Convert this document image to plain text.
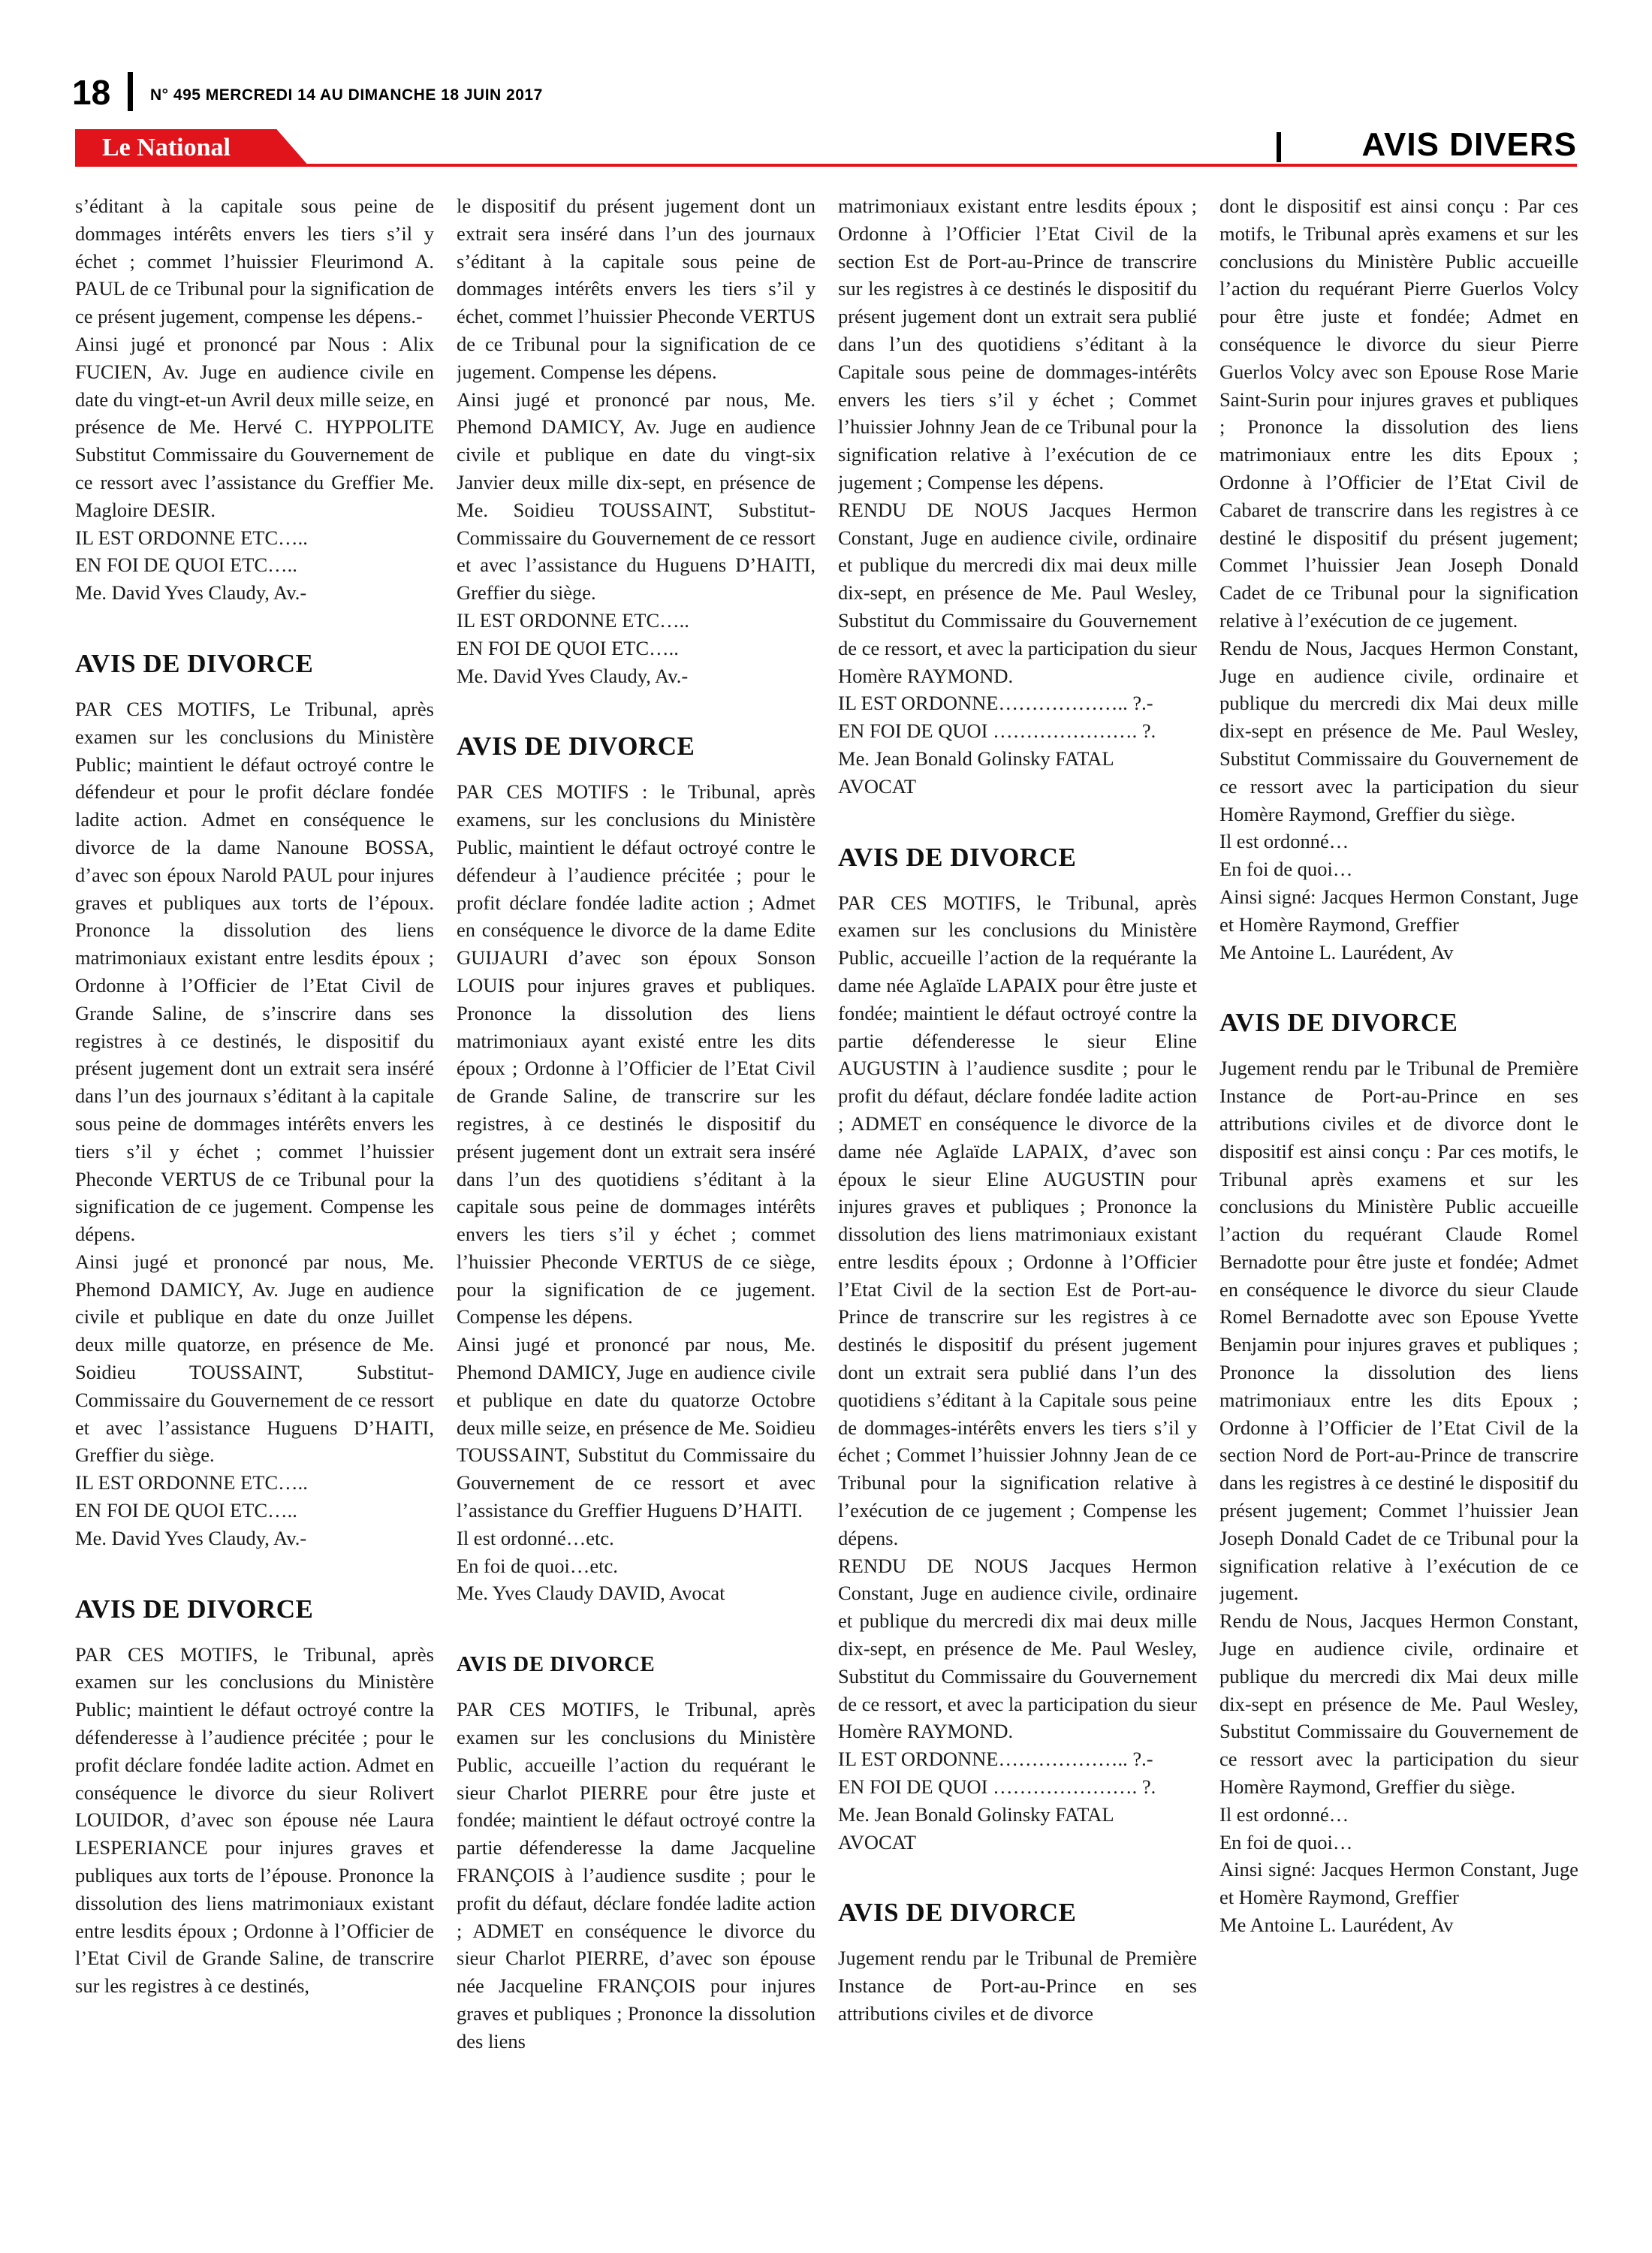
18	N° 495 MERCREDI 14 AU DIMANCHE 18 JUIN 2017
Le National	AVIS DIVERS

s’éditant à la capitale sous peine de dommages intérêts envers les tiers s’il y échet ; commet l’huissier Fleurimond A. PAUL de ce Tribunal pour la signification de ce présent jugement, compense les dépens.-

Ainsi jugé et prononcé par Nous : Alix FUCIEN, Av. Juge en audience civile en date du vingt-et-un Avril deux mille seize, en présence de Me. Hervé C. HYPPOLITE Substitut Commissaire du Gouvernement de ce ressort avec l’assistance du Greffier Me. Magloire DESIR.

IL EST ORDONNE ETC…..

EN FOI DE QUOI ETC…..

Me. David Yves Claudy, Av.-

AVIS DE DIVORCE

PAR CES MOTIFS, Le Tribunal, après examen sur les conclusions du Ministère Public; maintient le défaut octroyé contre le défendeur et pour le profit déclare fondée ladite action. Admet en conséquence le divorce de la dame Nanoune BOSSA, d’avec son époux Narold PAUL pour injures graves et publiques aux torts de l’époux. Prononce la dissolution des liens matrimoniaux existant entre lesdits époux ; Ordonne à l’Officier de l’Etat Civil de Grande Saline, de s’inscrire dans ses registres à ce destinés, le dispositif du présent jugement dont un extrait sera inséré dans l’un des journaux s’éditant à la capitale sous peine de dommages intérêts envers les tiers s’il y échet ; commet l’huissier Pheconde VERTUS de ce Tribunal pour la signification de ce jugement. Compense les dépens.

Ainsi jugé et prononcé par nous, Me. Phemond DAMICY, Av. Juge en audience civile et publique en date du onze Juillet deux mille quatorze, en présence de Me. Soidieu TOUSSAINT, Substitut-Commissaire du Gouvernement de ce ressort et avec l’assistance Huguens D’HAITI, Greffier du siège.

IL EST ORDONNE ETC…..

EN FOI DE QUOI ETC…..

Me. David Yves Claudy, Av.-

AVIS DE DIVORCE

PAR CES MOTIFS, le Tribunal, après examen sur les conclusions du Ministère Public; maintient le défaut octroyé contre la défenderesse à l’audience précitée ; pour le profit déclare fondée ladite action. Admet en conséquence le divorce du sieur Rolivert LOUIDOR, d’avec son épouse née Laura LESPERIANCE pour injures graves et publiques aux torts de l’épouse. Prononce la dissolution des liens matrimoniaux existant entre lesdits époux ; Ordonne à l’Officier de l’Etat Civil de Grande Saline, de transcrire sur les registres à ce destinés,

le dispositif du présent jugement dont un extrait sera inséré dans l’un des journaux s’éditant à la capitale sous peine de dommages intérêts envers les tiers s’il y échet, commet l’huissier Pheconde VERTUS de ce Tribunal pour la signification de ce jugement. Compense les dépens.

Ainsi jugé et prononcé par nous, Me. Phemond DAMICY, Av. Juge en audience civile et publique en date du vingt-six Janvier deux mille dix-sept, en présence de Me. Soidieu TOUSSAINT, Substitut-Commissaire du Gouvernement de ce ressort et avec l’assistance du Huguens D’HAITI, Greffier du siège.

IL EST ORDONNE ETC…..

EN FOI DE QUOI ETC…..

Me. David Yves Claudy, Av.-

AVIS DE DIVORCE

PAR CES MOTIFS : le Tribunal, après examens, sur les conclusions du Ministère Public, maintient le défaut octroyé contre le défendeur à l’audience précitée ; pour le profit déclare fondée ladite action ; Admet en conséquence le divorce de la dame Edite GUIJAURI d’avec son époux Sonson LOUIS pour injures graves et publiques. Prononce la dissolution des liens matrimoniaux ayant existé entre les dits époux ; Ordonne à l’Officier de l’Etat Civil de Grande Saline, de transcrire sur les registres, à ce destinés le dispositif du présent jugement dont un extrait sera inséré dans l’un des quotidiens s’éditant à la capitale sous peine de dommages intérêts envers les tiers s’il y échet ; commet l’huissier Pheconde VERTUS de ce siège, pour la signification de ce jugement. Compense les dépens.

Ainsi jugé et prononcé par nous, Me. Phemond DAMICY, Juge en audience civile et publique en date du quatorze Octobre deux mille seize, en présence de Me. Soidieu TOUSSAINT, Substitut du Commissaire du Gouvernement de ce ressort et avec l’assistance du Greffier Huguens D’HAITI.

Il est ordonné…etc.

En foi de quoi…etc.

Me. Yves Claudy DAVID, Avocat

AVIS DE DIVORCE

PAR CES MOTIFS, le Tribunal, après examen sur les conclusions du Ministère Public, accueille l’action du requérant le sieur Charlot PIERRE pour être juste et fondée; maintient le défaut octroyé contre la partie défenderesse la dame Jacqueline FRANÇOIS à l’audience susdite ; pour le profit du défaut, déclare fondée ladite action ; ADMET en conséquence le divorce du sieur Charlot PIERRE, d’avec son épouse née Jacqueline FRANÇOIS pour injures graves et publiques ; Prononce la dissolution des liens

matrimoniaux existant entre lesdits époux ; Ordonne à l’Officier l’Etat Civil de la section Est de Port-au-Prince de transcrire sur les registres à ce destinés le dispositif du présent jugement dont un extrait sera publié dans l’un des quotidiens s’éditant à la Capitale sous peine de dommages-intérêts envers les tiers s’il y échet ; Commet l’huissier Johnny Jean de ce Tribunal pour la signification relative à l’exécution de ce jugement ; Compense les dépens.

RENDU DE NOUS Jacques Hermon Constant, Juge en audience civile, ordinaire et publique du mercredi dix mai deux mille dix-sept, en présence de Me. Paul Wesley, Substitut du Commissaire du Gouvernement de ce ressort, et avec la participation du sieur Homère RAYMOND.

IL EST ORDONNE……………….. ?.-

EN FOI DE QUOI …………………. ?.

Me. Jean Bonald Golinsky FATAL

AVOCAT

AVIS DE DIVORCE

PAR CES MOTIFS, le Tribunal, après examen sur les conclusions du Ministère Public, accueille l’action de la requérante la dame née Aglaïde LAPAIX pour être juste et fondée; maintient le défaut octroyé contre la partie défenderesse le sieur Eline AUGUSTIN à l’audience susdite ; pour le profit du défaut, déclare fondée ladite action ; ADMET en conséquence le divorce de la dame née Aglaïde LAPAIX, d’avec son époux le sieur Eline AUGUSTIN pour injures graves et publiques ; Prononce la dissolution des liens matrimoniaux existant entre lesdits époux ; Ordonne à l’Officier l’Etat Civil de la section Est de Port-au-Prince de transcrire sur les registres à ce destinés le dispositif du présent jugement dont un extrait sera publié dans l’un des quotidiens s’éditant à la Capitale sous peine de dommages-intérêts envers les tiers s’il y échet ; Commet l’huissier Johnny Jean de ce Tribunal pour la signification relative à l’exécution de ce jugement ; Compense les dépens.

RENDU DE NOUS Jacques Hermon Constant, Juge en audience civile, ordinaire et publique du mercredi dix mai deux mille dix-sept, en présence de Me. Paul Wesley, Substitut du Commissaire du Gouvernement de ce ressort, et avec la participation du sieur Homère RAYMOND.

IL EST ORDONNE……………….. ?.-

EN FOI DE QUOI …………………. ?.

Me. Jean Bonald Golinsky FATAL

AVOCAT

AVIS DE DIVORCE

Jugement rendu par le Tribunal de Première Instance de Port-au-Prince en ses attributions civiles et de divorce

dont le dispositif est ainsi conçu : Par ces motifs, le Tribunal après examens et sur les conclusions du Ministère Public accueille l’action du requérant Pierre Guerlos Volcy pour être juste et fondée; Admet en conséquence le divorce du sieur Pierre Guerlos Volcy avec son Epouse Rose Marie Saint-Surin pour injures graves et publiques ; Prononce la dissolution des liens matrimoniaux entre les dits Epoux ; Ordonne à l’Officier de l’Etat Civil de Cabaret de transcrire dans les registres à ce destiné le dispositif du présent jugement; Commet l’huissier Jean Joseph Donald Cadet de ce Tribunal pour la signification relative à l’exécution de ce jugement.

Rendu de Nous, Jacques Hermon Constant, Juge en audience civile, ordinaire et publique du mercredi dix Mai deux mille dix-sept en présence de Me. Paul Wesley, Substitut Commissaire du Gouvernement de ce ressort avec la participation du sieur Homère Raymond, Greffier du siège.

Il est ordonné…

En foi de quoi…

Ainsi signé: Jacques Hermon Constant, Juge et Homère Raymond, Greffier

Me Antoine L. Laurédent, Av

AVIS DE DIVORCE

Jugement rendu par le Tribunal de Première Instance de Port-au-Prince en ses attributions civiles et de divorce dont le dispositif est ainsi conçu : Par ces motifs, le Tribunal après examens et sur les conclusions du Ministère Public accueille l’action du requérant Claude Romel Bernadotte pour être juste et fondée; Admet en conséquence le divorce du sieur Claude Romel Bernadotte avec son Epouse Yvette Benjamin pour injures graves et publiques ; Prononce la dissolution des liens matrimoniaux entre les dits Epoux ; Ordonne à l’Officier de l’Etat Civil de la section Nord de Port-au-Prince de transcrire dans les registres à ce destiné le dispositif du présent jugement; Commet l’huissier Jean Joseph Donald Cadet de ce Tribunal pour la signification relative à l’exécution de ce jugement.

Rendu de Nous, Jacques Hermon Constant, Juge en audience civile, ordinaire et publique du mercredi dix Mai deux mille dix-sept en présence de Me. Paul Wesley, Substitut Commissaire du Gouvernement de ce ressort avec la participation du sieur Homère Raymond, Greffier du siège.

Il est ordonné…

En foi de quoi…

Ainsi signé: Jacques Hermon Constant, Juge et Homère Raymond, Greffier

Me Antoine L. Laurédent, Av
